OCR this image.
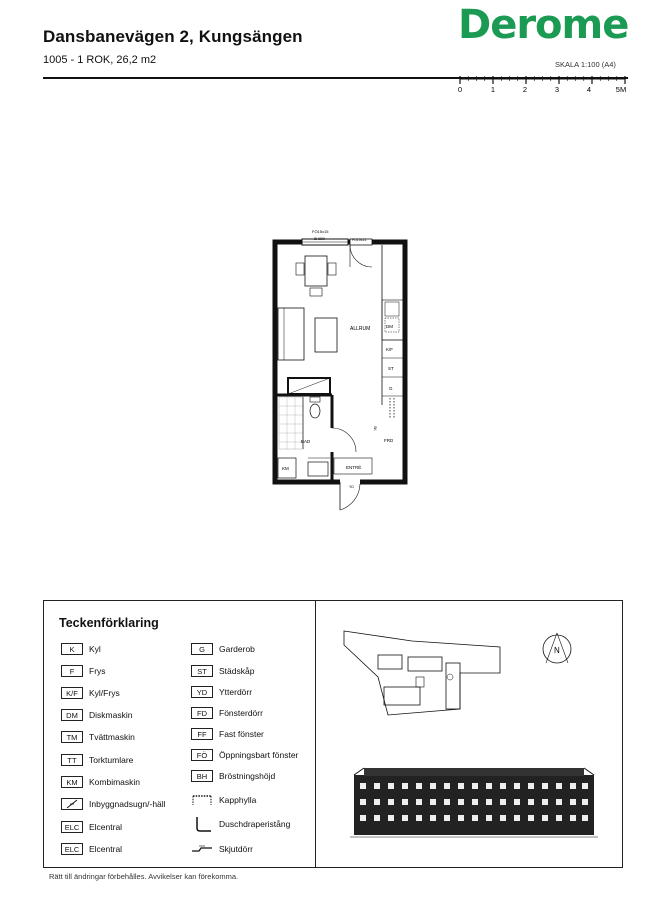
Dansbanevägen 2, Kungsängen
1005 - 1 ROK, 26,2 m2
Derome
SKALA 1:100 (A4)
0	1	2	3	4	5M
FÖ15x15
BH800	FD10x21
ALLRUM	DM
K/F
ST
G
FRD
SK
BAD
KM	ENTRÉ
YD
Teckenförklaring
K	Kyl
F	Frys
K/F	Kyl/Frys
DM	Diskmaskin
TM	Tvättmaskin
TT	Torktumlare
KM	Kombimaskin
Inbyggnadsugn/-häll
ELC	Elcentral
ELC	Elcentral
G	Garderob
ST	Städskåp
YD	Ytterdörr
FD	Fönsterdörr
FF	Fast fönster
FÖ	Öppningsbart fönster
BH	Bröstningshöjd
Kapphylla
Duschdraperistång
Skjutdörr
N
Rätt till ändringar förbehålles. Avvikelser kan förekomma.
